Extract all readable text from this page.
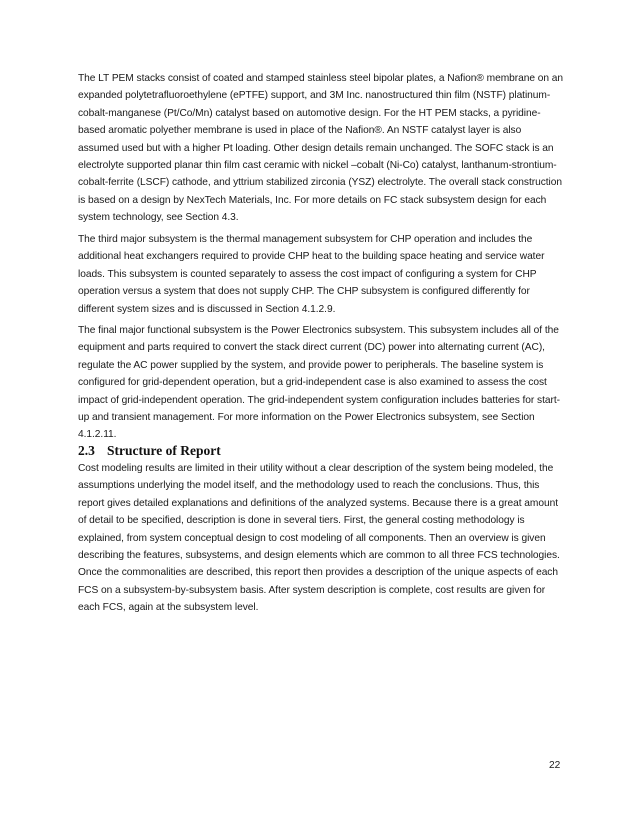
The LT PEM stacks consist of coated and stamped stainless steel bipolar plates, a Nafion® membrane on an expanded polytetrafluoroethylene (ePTFE) support, and 3M Inc. nanostructured thin film (NSTF) platinum-cobalt-manganese (Pt/Co/Mn) catalyst based on automotive design. For the HT PEM stacks, a pyridine-based aromatic polyether membrane is used in place of the Nafion®. An NSTF catalyst layer is also assumed used but with a higher Pt loading. Other design details remain unchanged. The SOFC stack is an electrolyte supported planar thin film cast ceramic with nickel –cobalt (Ni-Co) catalyst, lanthanum-strontium-cobalt-ferrite (LSCF) cathode, and yttrium stabilized zirconia (YSZ) electrolyte. The overall stack construction is based on a design by NexTech Materials, Inc. For more details on FC stack subsystem design for each system technology, see Section 4.3.

The third major subsystem is the thermal management subsystem for CHP operation and includes the additional heat exchangers required to provide CHP heat to the building space heating and service water loads. This subsystem is counted separately to assess the cost impact of configuring a system for CHP operation versus a system that does not supply CHP. The CHP subsystem is configured differently for different system sizes and is discussed in Section 4.1.2.9.

The final major functional subsystem is the Power Electronics subsystem. This subsystem includes all of the equipment and parts required to convert the stack direct current (DC) power into alternating current (AC), regulate the AC power supplied by the system, and provide power to peripherals. The baseline system is configured for grid-dependent operation, but a grid-independent case is also examined to assess the cost impact of grid-independent operation. The grid-independent system configuration includes batteries for start-up and transient management. For more information on the Power Electronics subsystem, see Section 4.1.2.11.

2.3 Structure of Report

Cost modeling results are limited in their utility without a clear description of the system being modeled, the assumptions underlying the model itself, and the methodology used to reach the conclusions. Thus, this report gives detailed explanations and definitions of the analyzed systems. Because there is a great amount of detail to be specified, description is done in several tiers. First, the general costing methodology is explained, from system conceptual design to cost modeling of all components. Then an overview is given describing the features, subsystems, and design elements which are common to all three FCS technologies. Once the commonalities are described, this report then provides a description of the unique aspects of each FCS on a subsystem-by-subsystem basis. After system description is complete, cost results are given for each FCS, again at the subsystem level.

22
